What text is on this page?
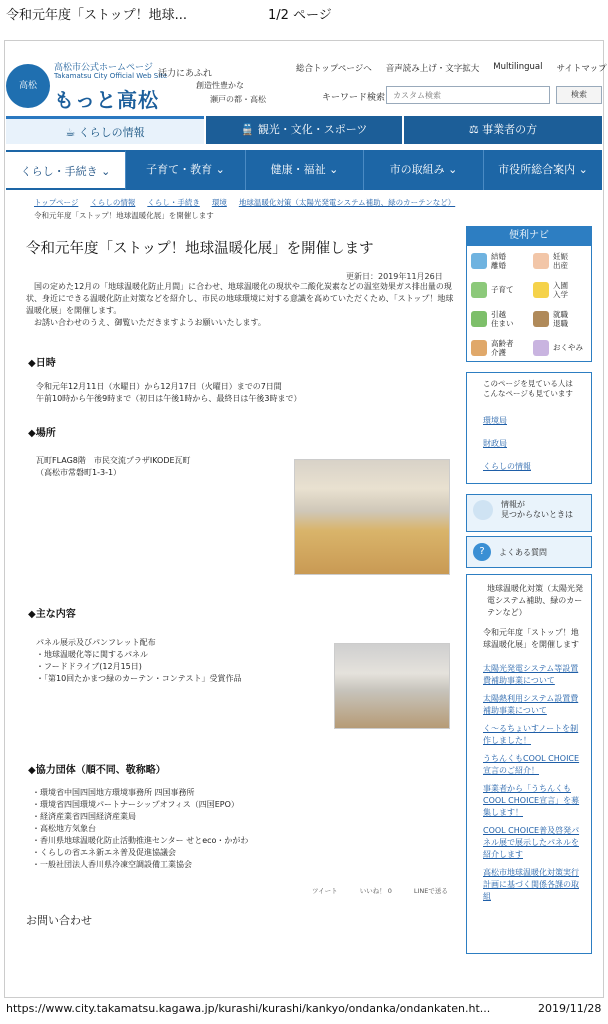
令和元年度「ストップ！地球...	1/2 ページ
高松
高松市公式ホームページ
Takamatsu City Official Web Site
もっと高松
活力にあふれ
創造性豊かな
瀬戸の都・高松
総合トップページへ 音声読み上げ・文字拡大 Multilingual サイトマップ
キーワード検索 カスタム検索	検索
☕ くらしの情報	🚆 観光・文化・スポーツ	⚖ 事業者の方
くらし・手続き ⌄	子育て・教育 ⌄	健康・福祉 ⌄	市の取組み ⌄	市役所総合案内 ⌄
トップページ くらしの情報 くらし・手続き 環境 地球温暖化対策（太陽光発電システム補助、緑のカーテンなど）
令和元年度「ストップ！地球温暖化展」を開催します
令和元年度「ストップ！地球温暖化展」を開催します
更新日：2019年11月26日

国の定めた12月の「地球温暖化防止月間」に合わせ、地球温暖化の現状や二酸化炭素などの温室効果ガス排出量の現状、身近にできる温暖化防止対策などを紹介し、市民の地球環境に対する意識を高めていただくため、「ストップ！地球温暖化展」を開催します。

お誘い合わせのうえ、御覧いただきますようお願いいたします。

◆日時
令和元年12月11日（水曜日）から12月17日（火曜日）までの7日間
午前10時から午後9時まで（初日は午後1時から、最終日は午後3時まで）
◆場所
瓦町FLAG8階　市民交流プラザIKODE瓦町
（高松市常磐町1-3-1）
◆主な内容
パネル展示及びパンフレット配布
・ 地球温暖化等に関するパネル
・ フードドライブ(12月15日)
・ 「第10回たかまつ緑のカーテン・コンテスト」受賞作品
◆協力団体（順不同、敬称略）
・ 環境省中国四国地方環境事務所 四国事務所
・ 環境省四国環境パートナーシップオフィス（四国EPO）
・ 経済産業省四国経済産業局
・ 高松地方気象台
・ 香川県地球温暖化防止活動推進センター せとeco・かがわ
・ くらしの省エネ新エネ普及促進協議会
・ 一般社団法人香川県冷凍空調設備工業協会
ツイート	いいね！ 0	LINEで送る
お問い合わせ
便利ナビ
結婚
離婚
妊娠
出産
子育て	入園
入学
引越
住まい
就職
退職
高齢者
介護	おくやみ
このページを見ている人は
こんなページも見ています
環境局
財政局
くらしの情報
情報が
見つからないときは
?	よくある質問
地球温暖化対策（太陽光発電システム補助、緑のカーテンなど）
令和元年度「ストップ！地球温暖化展」を開催します
太陽光発電システム等設置費補助事業について
太陽熱利用システム設置費補助事業について
く～るちょいすノートを制作しました！
うちんくもCOOL CHOICE宣言のご紹介！
事業者から「うちんくもCOOL CHOICE宣言」を募集します！
COOL CHOICE普及啓発パネル展で展示したパネルを紹介します
高松市地球温暖化対策実行計画に基づく関係各課の取組
https://www.city.takamatsu.kagawa.jp/kurashi/kurashi/kankyo/ondanka/ondankaten.ht...	2019/11/28
